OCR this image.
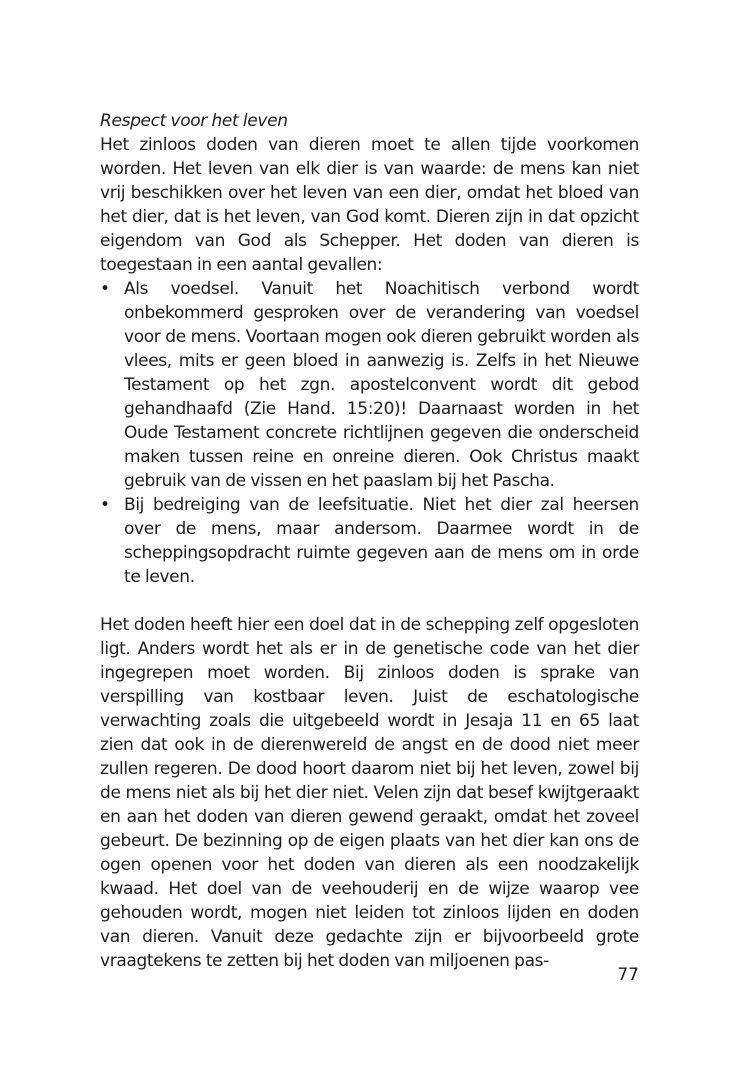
Respect voor het leven

Het zinloos doden van dieren moet te allen tijde voorkomen worden. Het leven van elk dier is van waarde: de mens kan niet vrij beschikken over het leven van een dier, omdat het bloed van het dier, dat is het leven, van God komt. Dieren zijn in dat opzicht eigendom van God als Schepper. Het doden van dieren is toegestaan in een aantal gevallen:

• Als voedsel. Vanuit het Noachitisch verbond wordt onbekommerd gesproken over de verandering van voedsel voor de mens. Voortaan mogen ook dieren gebruikt worden als vlees, mits er geen bloed in aanwezig is. Zelfs in het Nieuwe Testament op het zgn. apostelconvent wordt dit gebod gehandhaafd (Zie Hand. 15:20)! Daarnaast worden in het Oude Testament concrete richtlijnen gegeven die onderscheid maken tussen reine en onreine dieren. Ook Christus maakt gebruik van de vissen en het paaslam bij het Pascha.
• Bij bedreiging van de leefsituatie. Niet het dier zal heersen over de mens, maar andersom. Daarmee wordt in de scheppingsopdracht ruimte gegeven aan de mens om in orde te leven.

Het doden heeft hier een doel dat in de schepping zelf opgesloten ligt. Anders wordt het als er in de genetische code van het dier ingegrepen moet worden. Bij zinloos doden is sprake van verspilling van kostbaar leven. Juist de eschatologische verwachting zoals die uitgebeeld wordt in Jesaja 11 en 65 laat zien dat ook in de dierenwereld de angst en de dood niet meer zullen regeren. De dood hoort daarom niet bij het leven, zowel bij de mens niet als bij het dier niet. Velen zijn dat besef kwijtgeraakt en aan het doden van dieren gewend geraakt, omdat het zoveel gebeurt. De bezinning op de eigen plaats van het dier kan ons de ogen openen voor het doden van dieren als een noodzakelijk kwaad. Het doel van de veehouderij en de wijze waarop vee gehouden wordt, mogen niet leiden tot zinloos lijden en doden van dieren. Vanuit deze gedachte zijn er bijvoorbeeld grote vraagtekens te zetten bij het doden van miljoenen pas-

77
